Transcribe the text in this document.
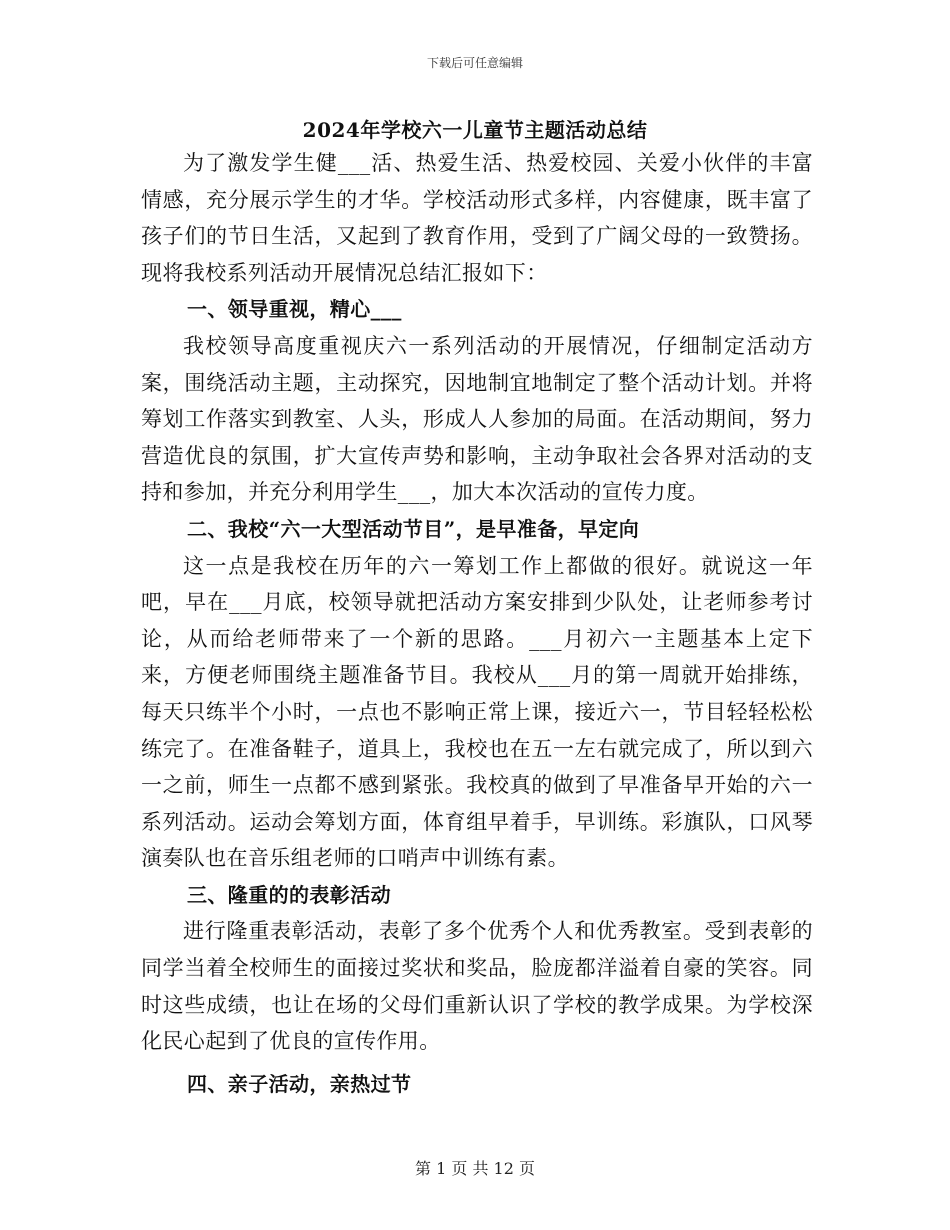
下载后可任意编辑
2024年学校六一儿童节主题活动总结

为了激发学生健___活、热爱生活、热爱校园、关爱小伙伴的丰富情感，充分展示学生的才华。学校活动形式多样，内容健康，既丰富了孩子们的节日生活，又起到了教育作用，受到了广阔父母的一致赞扬。现将我校系列活动开展情况总结汇报如下：

一、领导重视，精心___

我校领导高度重视庆六一系列活动的开展情况，仔细制定活动方案，围绕活动主题，主动探究，因地制宜地制定了整个活动计划。并将筹划工作落实到教室、人头，形成人人参加的局面。在活动期间，努力营造优良的氛围，扩大宣传声势和影响，主动争取社会各界对活动的支持和参加，并充分利用学生___，加大本次活动的宣传力度。

二、我校“六一大型活动节目”，是早准备，早定向

这一点是我校在历年的六一筹划工作上都做的很好。就说这一年吧，早在___月底，校领导就把活动方案安排到少队处，让老师参考讨论，从而给老师带来了一个新的思路。___月初六一主题基本上定下来，方便老师围绕主题准备节目。我校从___月的第一周就开始排练，每天只练半个小时，一点也不影响正常上课，接近六一，节目轻轻松松练完了。在准备鞋子，道具上，我校也在五一左右就完成了，所以到六一之前，师生一点都不感到紧张。我校真的做到了早准备早开始的六一系列活动。运动会筹划方面，体育组早着手，早训练。彩旗队，口风琴演奏队也在音乐组老师的口哨声中训练有素。

三、隆重的的表彰活动

进行隆重表彰活动，表彰了多个优秀个人和优秀教室。受到表彰的同学当着全校师生的面接过奖状和奖品，脸庞都洋溢着自豪的笑容。同时这些成绩，也让在场的父母们重新认识了学校的教学成果。为学校深化民心起到了优良的宣传作用。

四、亲子活动，亲热过节

第 1 页 共 12 页
